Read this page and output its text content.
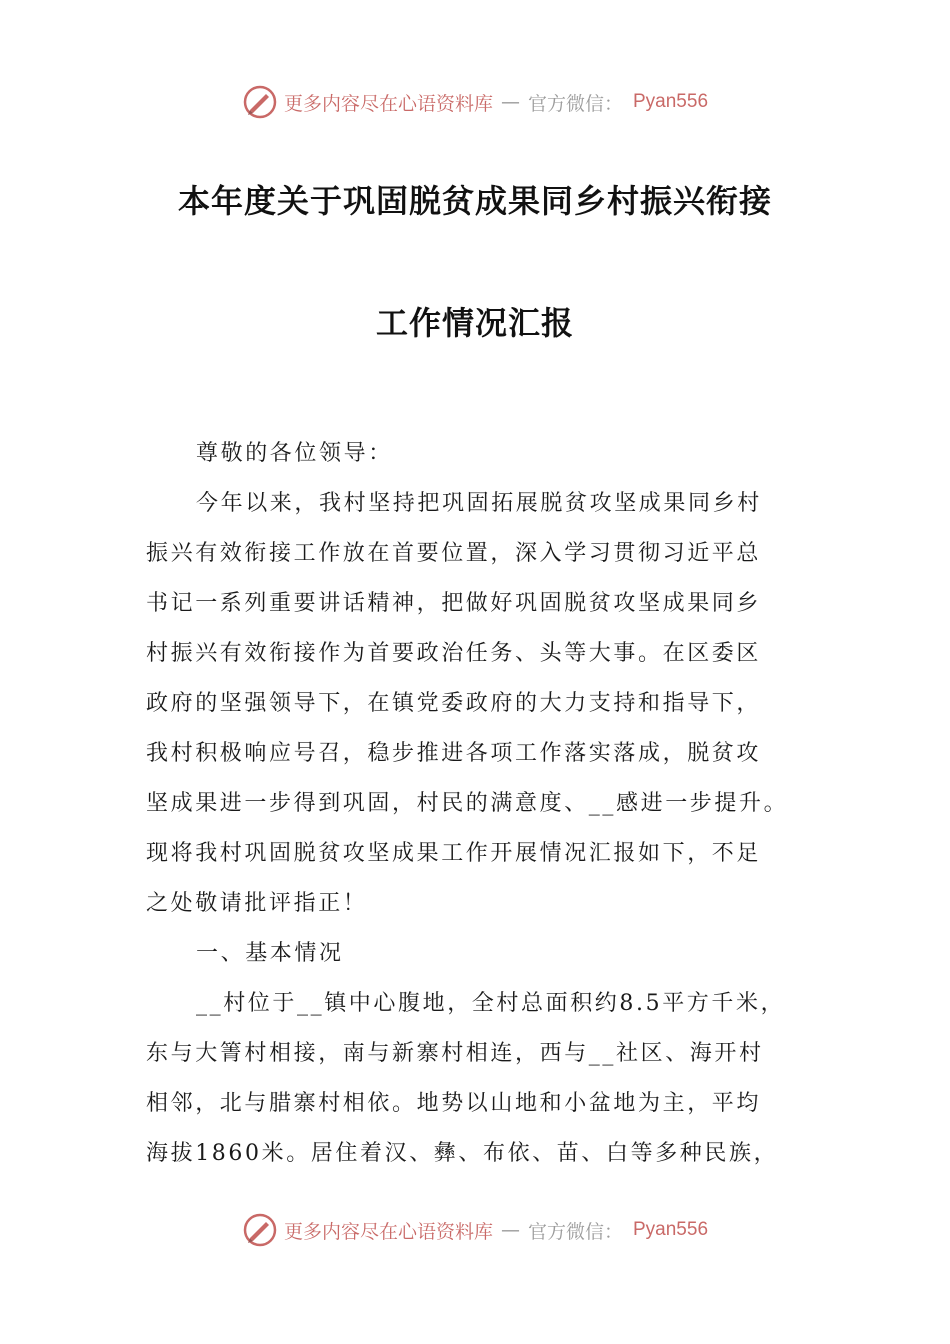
更多内容尽在心语资料库 — 官方微信： Pyan556
本年度关于巩固脱贫成果同乡村振兴衔接
工作情况汇报
尊敬的各位领导：
今年以来，我村坚持把巩固拓展脱贫攻坚成果同乡村
振兴有效衔接工作放在首要位置，深入学习贯彻习近平总
书记一系列重要讲话精神，把做好巩固脱贫攻坚成果同乡
村振兴有效衔接作为首要政治任务、头等大事。在区委区
政府的坚强领导下，在镇党委政府的大力支持和指导下，
我村积极响应号召，稳步推进各项工作落实落成，脱贫攻
坚成果进一步得到巩固，村民的满意度、__感进一步提升。
现将我村巩固脱贫攻坚成果工作开展情况汇报如下，不足
之处敬请批评指正！
一、基本情况
__村位于__镇中心腹地，全村总面积约8.5平方千米，
东与大箐村相接，南与新寨村相连，西与__社区、海开村
相邻，北与腊寨村相依。地势以山地和小盆地为主，平均
海拔1860米。居住着汉、彝、布依、苗、白等多种民族，
更多内容尽在心语资料库 — 官方微信： Pyan556
